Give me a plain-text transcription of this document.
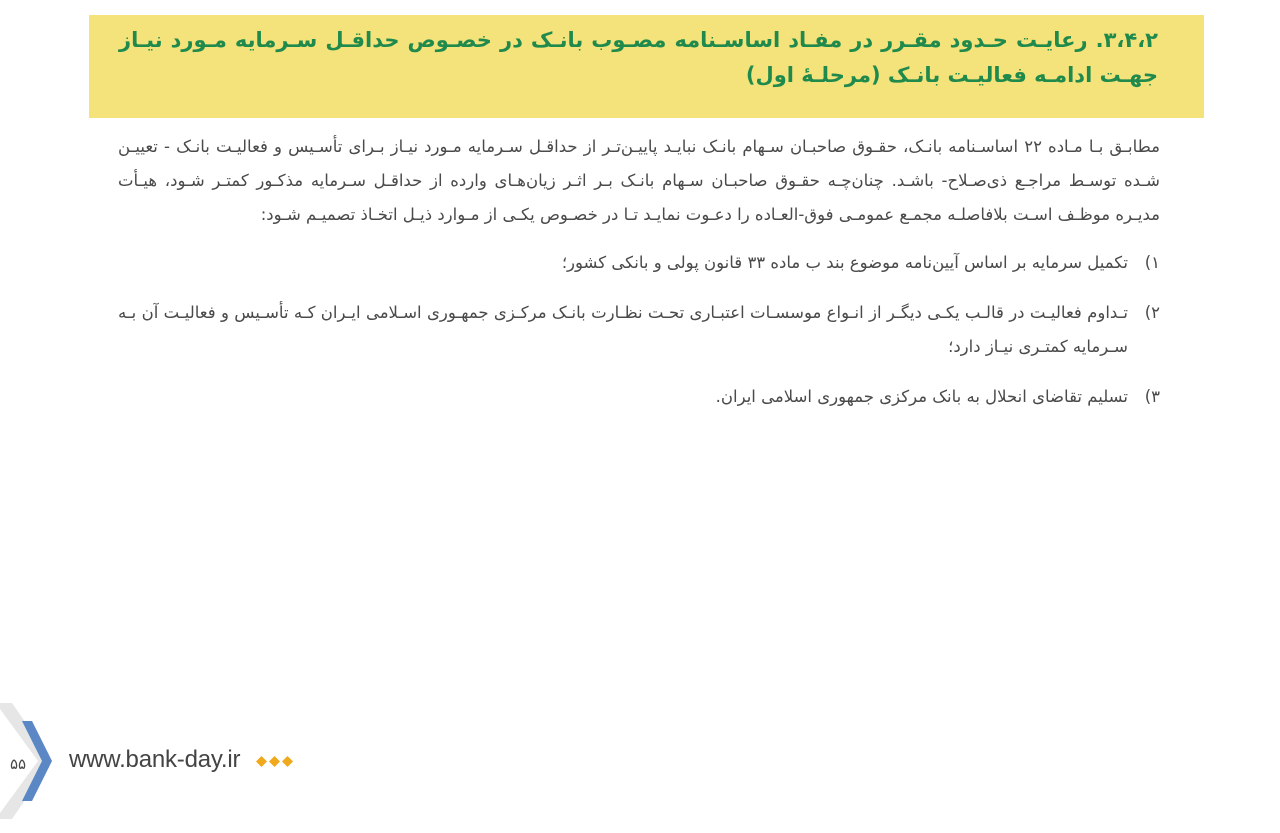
۳،۴،۲. رعایـت حـدود مقـرر در مفـاد اساسـنامه مصـوب بانـک در خصـوص حداقـل سـرمایه مـورد نیـاز جهـت ادامـه فعالیـت بانـک (مرحلـۀ اول)

مطابـق بـا مـاده ۲۲ اساسـنامه بانـک، حقـوق صاحبـان سـهام بانـک نبایـد پاییـن‌تـر از حداقـل سـرمایه مـورد نیـاز بـرای تأسـیس و فعالیـت بانـک - تعییـن شـده توسـط مراجـع ذی‌صـلاح- باشـد. چنان‌چـه حقـوق صاحبـان سـهام بانـک بـر اثـر زیان‌هـای وارده از حداقـل سـرمایه مذکـور کمتـر شـود، هیـأت مدیـره موظـف اسـت بلافاصلـه مجمـع عمومـی فوق-العـاده را دعـوت نمایـد تـا در خصـوص یکـی از مـوارد ذیـل اتخـاذ تصمیـم شـود:

۱)
تکمیل سرمایه بر اساس آیین‌نامه موضوع بند ب ماده ۳۳ قانون پولی و بانکی کشور؛
۲)
تـداوم فعالیـت در قالـب یکـی دیگـر از انـواع موسسـات اعتبـاری تحـت نظـارت بانـک مرکـزی جمهـوری اسـلامی ایـران کـه تأسـیس و فعالیـت آن بـه سـرمایه کمتـری نیـاز دارد؛
۳)
تسلیم تقاضای انحلال به بانک مرکزی جمهوری اسلامی ایران.
۵۵ www.bank-day.ir
